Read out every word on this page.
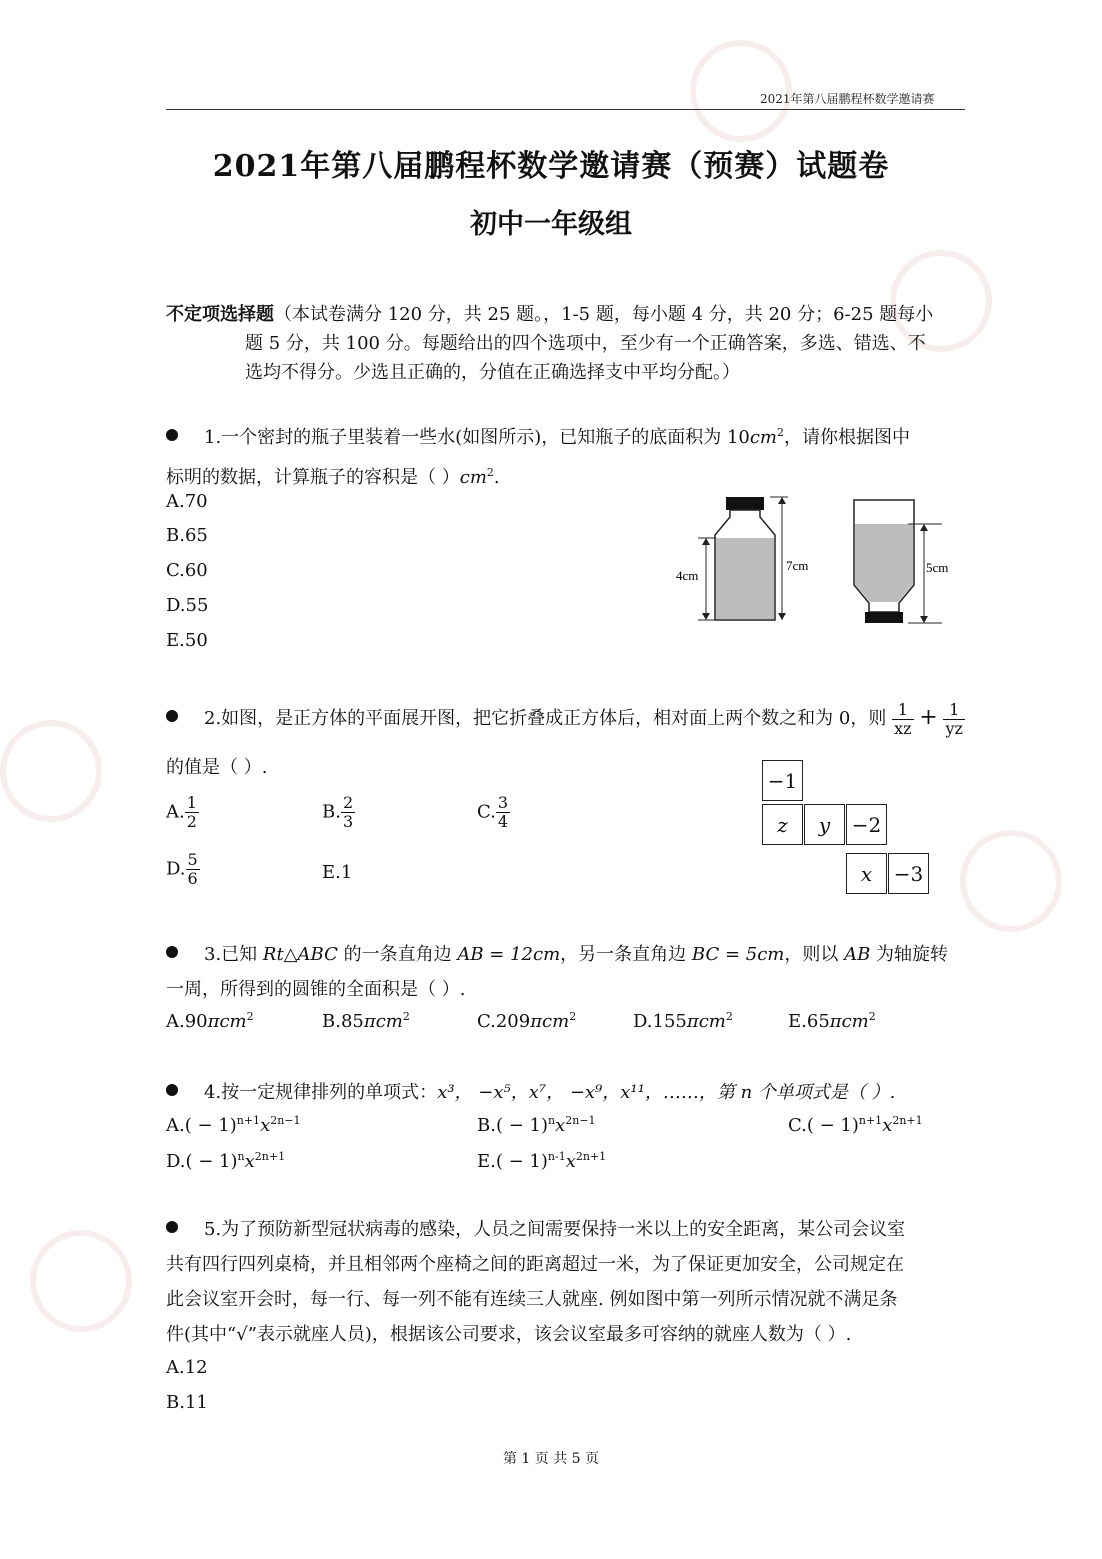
2021年第八届鹏程杯数学邀请赛
2021年第八届鹏程杯数学邀请赛（预赛）试题卷
初中一年级组
不定项选择题（本试卷满分 120 分，共 25 题。，1-5 题，每小题 4 分，共 20 分；6-25 题每小
题 5 分，共 100 分。每题给出的四个选项中，至少有一个正确答案，多选、错选、不
选均不得分。少选且正确的，分值在正确选择支中平均分配。）
1.一个密封的瓶子里装着一些水(如图所示)，已知瓶子的底面积为 $10cm^2$，请你根据图中
标明的数据，计算瓶子的容积是（ ）$cm^2$.
A.70
B.65
C.60
D.55
E.50
4cm
7cm	5cm
2.如图，是正方体的平面展开图，把它折叠成正方体后，相对面上两个数之和为 0，则 $\frac{1}{xz} + \frac{1}{yz}$
的值是（ ）.
A. $\frac{1}{2}$	B. $\frac{2}{3}$	C. $\frac{3}{4}$
D. $\frac{5}{6}$	E.1
−1
z	y	−2
x	−3
3.已知 Rt△ABC 的一条直角边 AB = 12cm，另一条直角边 BC = 5cm，则以 AB 为轴旋转
一周，所得到的圆锥的全面积是（ ）.
A.90πcm$^2$	B.85πcm$^2$	C.209πcm$^2$	D.155πcm$^2$	E.65πcm$^2$
4.按一定规律排列的单项式：x³， −x⁵，x⁷， −x⁹，x¹¹，……，第 n 个单项式是（ ）.
$A.( - 1)^{n+1}x^{2n-1}$	$B.( - 1)^nx^{2n-1}$	$C.( - 1)^{n+1}x^{2n+1}$
$D.( - 1)^nx^{2n+1}$	$E.( - 1)^{n-1}x^{2n+1}$
5.为了预防新型冠状病毒的感染，人员之间需要保持一米以上的安全距离，某公司会议室
共有四行四列桌椅，并且相邻两个座椅之间的距离超过一米，为了保证更加安全，公司规定在
此会议室开会时，每一行、每一列不能有连续三人就座. 例如图中第一列所示情况就不满足条
件(其中“√”表示就座人员)，根据该公司要求，该会议室最多可容纳的就座人数为（ ）.
A.12
B.11
第 1 页 共 5 页
